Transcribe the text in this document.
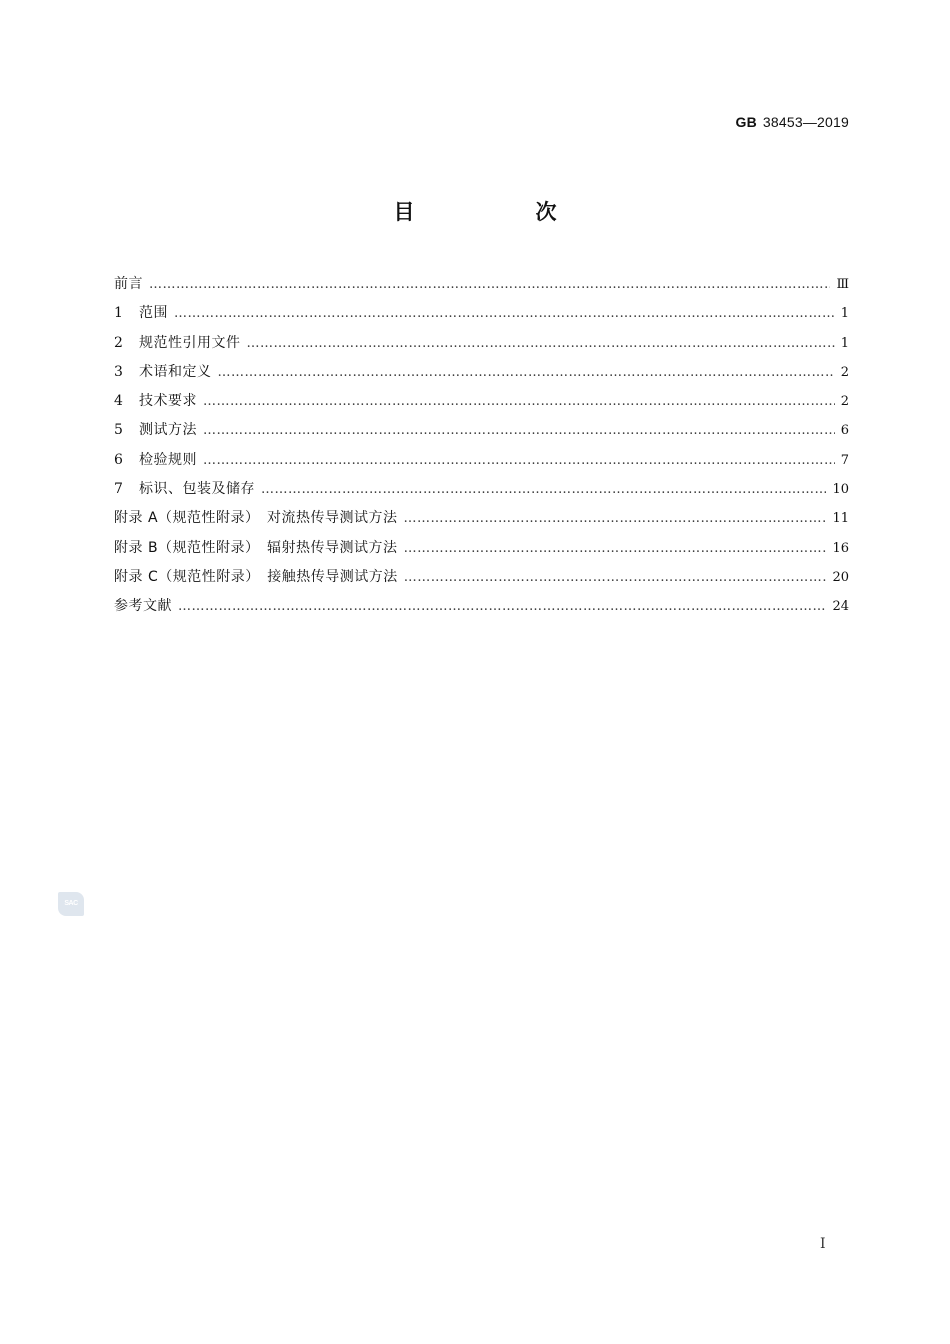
GB 38453—2019
目　次
前言 ……………………………………………………………………………………………………………………………………………………………………………………………………………………………………………	Ⅲ
1 范围 ……………………………………………………………………………………………………………………………………………………………………………………………………………………………………………	1
2 规范性引用文件 ……………………………………………………………………………………………………………………………………………………………………………………………………………………………………………	1
3 术语和定义 ……………………………………………………………………………………………………………………………………………………………………………………………………………………………………………	2
4 技术要求 ……………………………………………………………………………………………………………………………………………………………………………………………………………………………………………	2
5 测试方法 ……………………………………………………………………………………………………………………………………………………………………………………………………………………………………………	6
6 检验规则 ……………………………………………………………………………………………………………………………………………………………………………………………………………………………………………	7
7 标识、包装及储存 ……………………………………………………………………………………………………………………………………………………………………………………………………………………………………………	10
附录 A（规范性附录）　对流热传导测试方法 ……………………………………………………………………………………………………………………………………………………………………………………………………………………………………………	11
附录 B（规范性附录）　辐射热传导测试方法 ……………………………………………………………………………………………………………………………………………………………………………………………………………………………………………	16
附录 C（规范性附录）　接触热传导测试方法 ……………………………………………………………………………………………………………………………………………………………………………………………………………………………………………	20
参考文献 ……………………………………………………………………………………………………………………………………………………………………………………………………………………………………………	24
SAC
Ⅰ
